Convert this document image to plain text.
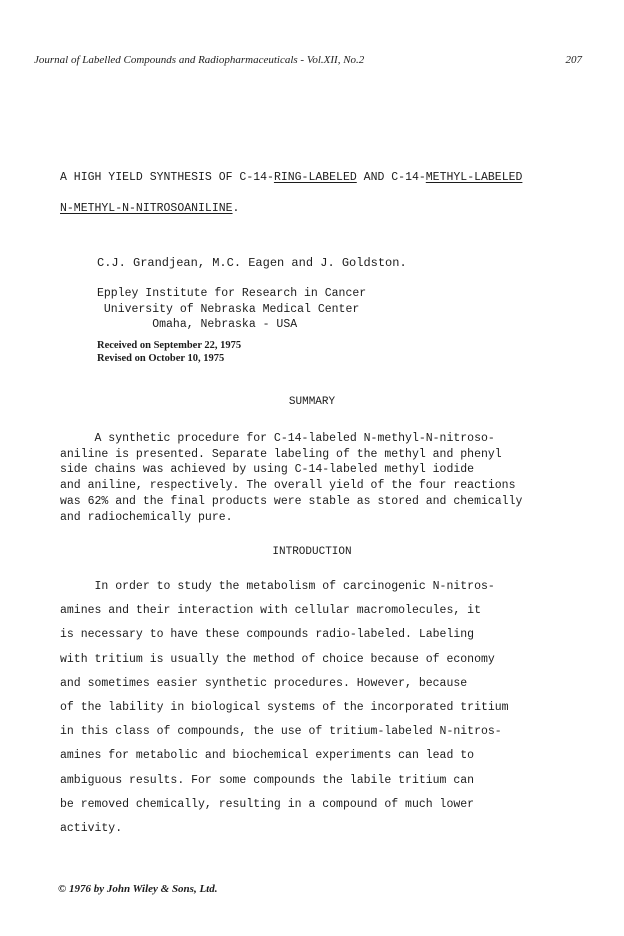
Journal of Labelled Compounds and Radiopharmaceuticals - Vol.XII, No.2

	207

A HIGH YIELD SYNTHESIS OF C-14-RING-LABELED AND C-14-METHYL-LABELED
N-METHYL-N-NITROSOANILINE.
C.J. Grandjean, M.C. Eagen and J. Goldston.
Eppley Institute for Research in Cancer
University of Nebraska Medical Center
Omaha, Nebraska - USA
Received on September 22, 1975
Revised on October 10, 1975
SUMMARY
A synthetic procedure for C-14-labeled N-methyl-N-nitroso-
aniline is presented. Separate labeling of the methyl and phenyl
side chains was achieved by using C-14-labeled methyl iodide
and aniline, respectively. The overall yield of the four reactions
was 62% and the final products were stable as stored and chemically
and radiochemically pure.
INTRODUCTION
In order to study the metabolism of carcinogenic N-nitros-
amines and their interaction with cellular macromolecules, it
is necessary to have these compounds radio-labeled. Labeling
with tritium is usually the method of choice because of economy
and sometimes easier synthetic procedures. However, because
of the lability in biological systems of the incorporated tritium
in this class of compounds, the use of tritium-labeled N-nitros-
amines for metabolic and biochemical experiments can lead to
ambiguous results. For some compounds the labile tritium can
be removed chemically, resulting in a compound of much lower
activity.
© 1976 by John Wiley & Sons, Ltd.
